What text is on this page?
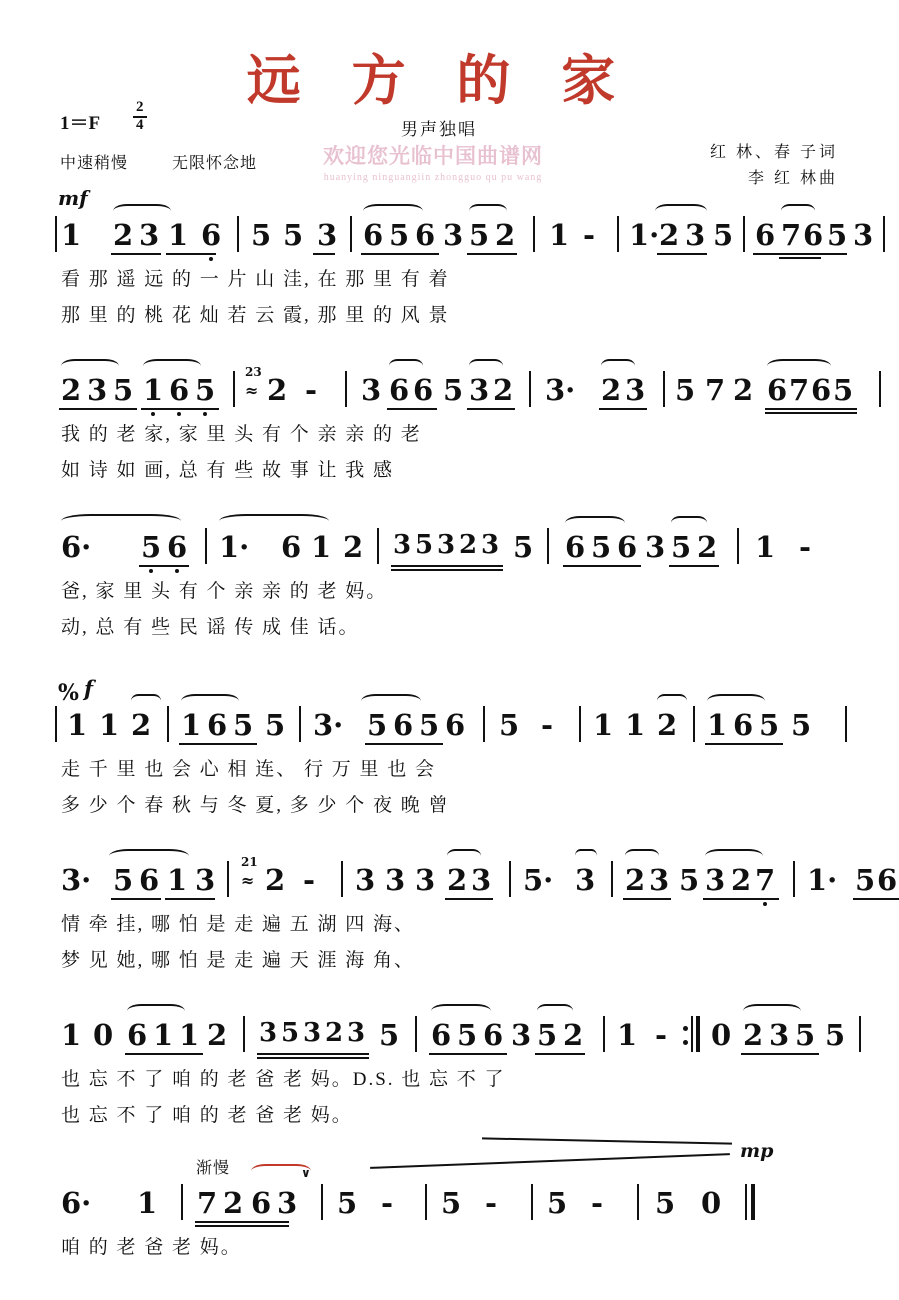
远 方 的 家
男声独唱
$1=F \frac{2}{4}$
中速稍慢	无限怀念地
红 林、春 子词
李 红 林曲
欢迎您光临中国曲谱网
huanying ninguangiin zhongguo qu pu wang
mf
1 2 3 1 6 5 5 3 6 5 6 3 5 2 1 - 1· 2 3 5 6 7 6 5 3
看 那 遥 远 的 一 片 山 洼, 在 那 里 有 着
那 里 的 桃 花 灿 若 云 霞, 那 里 的 风 景
2 3 5 1 6 5
23
≈ 2 - 3 6 6 5 3 2 3· 2 3 5 7 2 6 7 6 5
我 的 老 家, 家 里 头 有 个 亲 亲 的 老
如 诗 如 画, 总 有 些 故 事 让 我 感
6· 5 6 1· 6 1 2 3 5 3 2 3 5 6 5 6 3 5 2 1 -
爸, 家 里 头 有 个 亲 亲 的 老 妈。
动, 总 有 些 民 谣 传 成 佳 话。
% f
1 1 2 1 6 5 5 3· 5 6 5 6 5 - 1 1 2 1 6 5 5
走 千 里 也 会 心 相 连、 行 万 里 也 会
多 少 个 春 秋 与 冬 夏, 多 少 个 夜 晚 曾
3· 5 6 1 3
21
≈ 2 - 3 3 3 2 3 5· 3 2 3 5 3 2 7 1· 5 6
情 牵 挂, 哪 怕 是 走 遍 五 湖 四 海、
梦 见 她, 哪 怕 是 走 遍 天 涯 海 角、
1 0 6 1 1 2 3 5 3 2 3 5 6 5 6 3 5 2 1 - 0 2 3 5 5
也 忘 不 了 咱 的 老 爸 老 妈。D.S. 也 忘 不 了
也 忘 不 了 咱 的 老 爸 老 妈。
渐慢
mp
6· 1
∨
7 2 6 3 5 - 5 - 5 - 5 0
咱 的 老 爸 老 妈。
